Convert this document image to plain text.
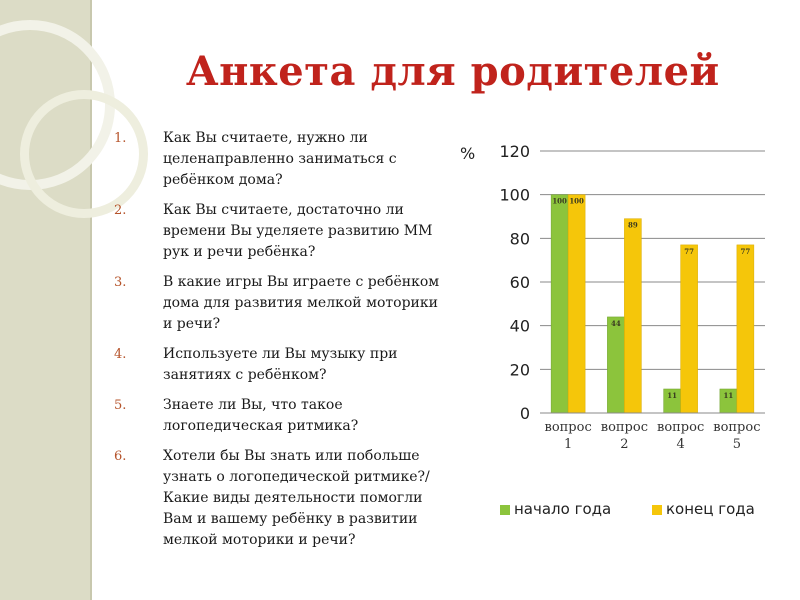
Анкета для родителей
1.	Как Вы считаете, нужно ли целенаправленно заниматься с ребёнком дома?
2.	Как Вы считаете, достаточно ли времени Вы уделяете развитию ММ рук и речи ребёнка?
3.	В какие игры Вы играете с ребёнком дома для развития мелкой моторики и речи?
4.	Используете ли Вы музыку при занятиях с ребёнком?
5.	Знаете ли Вы, что такое логопедическая ритмика?
6.	Хотели бы Вы знать или побольше узнать о логопедической ритмике?/ Какие виды деятельности помогли Вам и вашему ребёнку в развитии мелкой моторики и речи?
%
0
20
40
60
80
100
120
100 100
вопрос
1
44
89
вопрос
2
11
77
вопрос
4
11
77
вопрос
5
начало года	конец года
